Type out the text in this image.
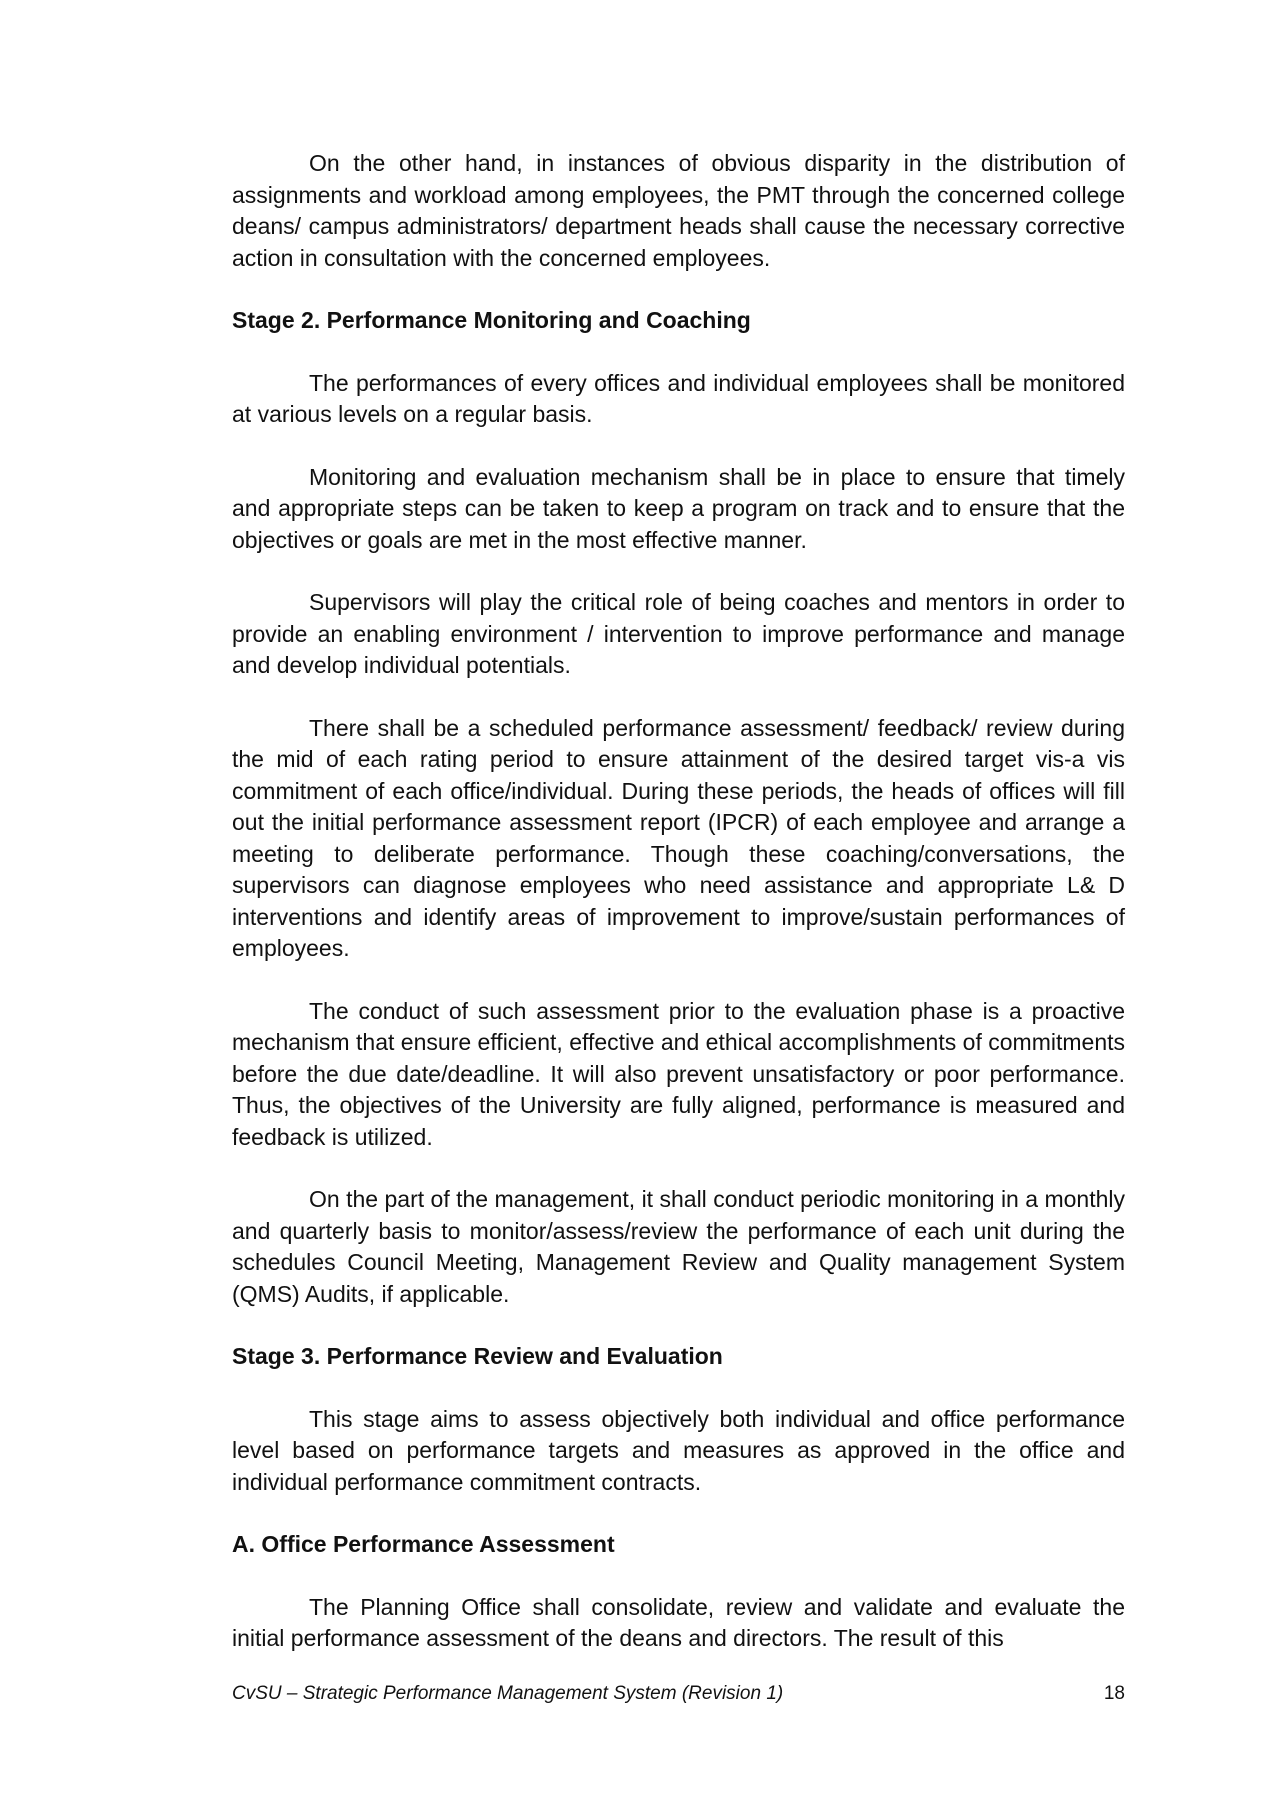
On the other hand, in instances of obvious disparity in the distribution of assignments and workload among employees, the PMT through the concerned college deans/ campus administrators/ department heads shall cause the necessary corrective action in consultation with the concerned employees.

Stage 2. Performance Monitoring and Coaching

The performances of every offices and individual employees shall be monitored at various levels on a regular basis.

Monitoring and evaluation mechanism shall be in place to ensure that timely and appropriate steps can be taken to keep a program on track and to ensure that the objectives or goals are met in the most effective manner.

Supervisors will play the critical role of being coaches and mentors in order to provide an enabling environment / intervention to improve performance and manage and develop individual potentials.

There shall be a scheduled performance assessment/ feedback/ review during the mid of each rating period to ensure attainment of the desired target vis-a vis commitment of each office/individual. During these periods, the heads of offices will fill out the initial performance assessment report (IPCR) of each employee and arrange a meeting to deliberate performance. Though these coaching/conversations, the supervisors can diagnose employees who need assistance and appropriate L& D interventions and identify areas of improvement to improve/sustain performances of employees.

The conduct of such assessment prior to the evaluation phase is a proactive mechanism that ensure efficient, effective and ethical accomplishments of commitments before the due date/deadline. It will also prevent unsatisfactory or poor performance. Thus, the objectives of the University are fully aligned, performance is measured and feedback is utilized.

On the part of the management, it shall conduct periodic monitoring in a monthly and quarterly basis to monitor/assess/review the performance of each unit during the schedules Council Meeting, Management Review and Quality management System (QMS) Audits, if applicable.

Stage 3. Performance Review and Evaluation

This stage aims to assess objectively both individual and office performance level based on performance targets and measures as approved in the office and individual performance commitment contracts.

A. Office Performance Assessment

The Planning Office shall consolidate, review and validate and evaluate the initial performance assessment of the deans and directors. The result of this

CvSU – Strategic Performance Management System (Revision 1)	18
